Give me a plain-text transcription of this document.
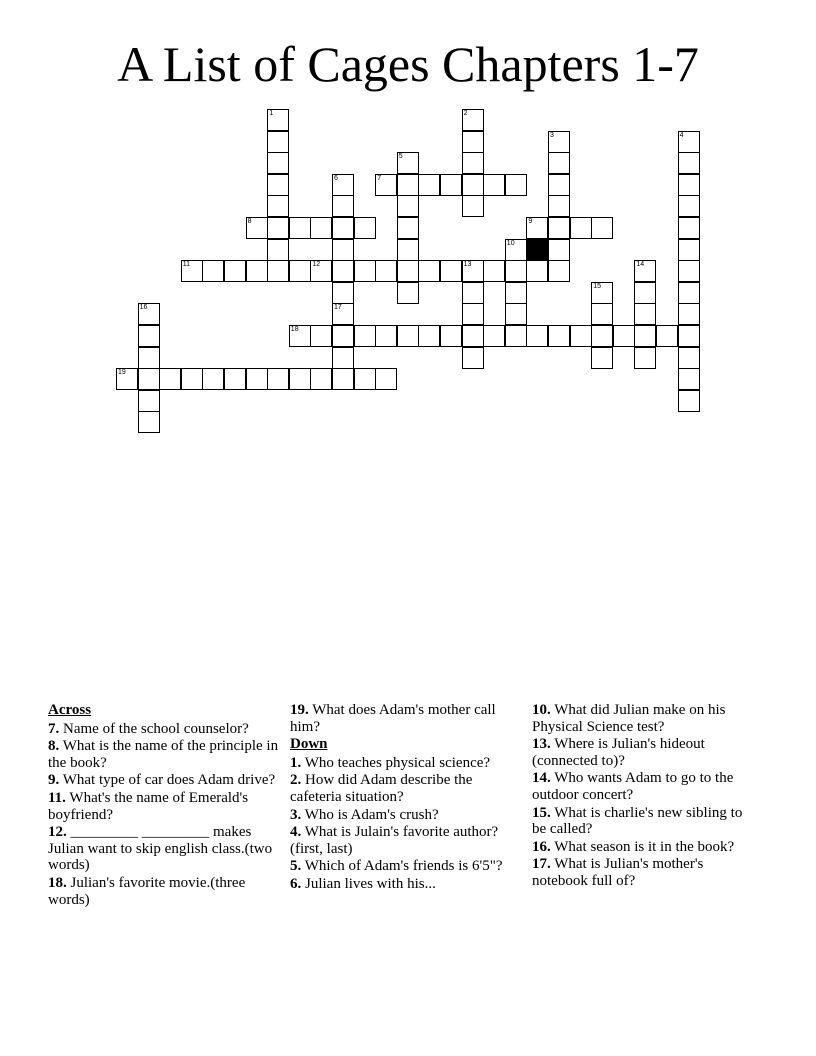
A List of Cages Chapters 1-7
1	2
3	4
5
6
17
7
8	9
10
11	12	13	14
15
16
18
19
Across
7. Name of the school counselor?
8. What is the name of the principle in the book?
9. What type of car does Adam drive?
11. What's the name of Emerald's boyfriend?
12. _________ _________ makes Julian want to skip english class.(two words)
18. Julian's favorite movie.(three words)
19. What does Adam's mother call him?
Down
1. Who teaches physical science?
2. How did Adam describe the cafeteria situation?
3. Who is Adam's crush?
4. What is Julain's favorite author?(first, last)
5. Which of Adam's friends is 6'5"?
6. Julian lives with his...
10. What did Julian make on his Physical Science test?
13. Where is Julian's hideout (connected to)?
14. Who wants Adam to go to the outdoor concert?
15. What is charlie's new sibling to be called?
16. What season is it in the book?
17. What is Julian's mother's notebook full of?
